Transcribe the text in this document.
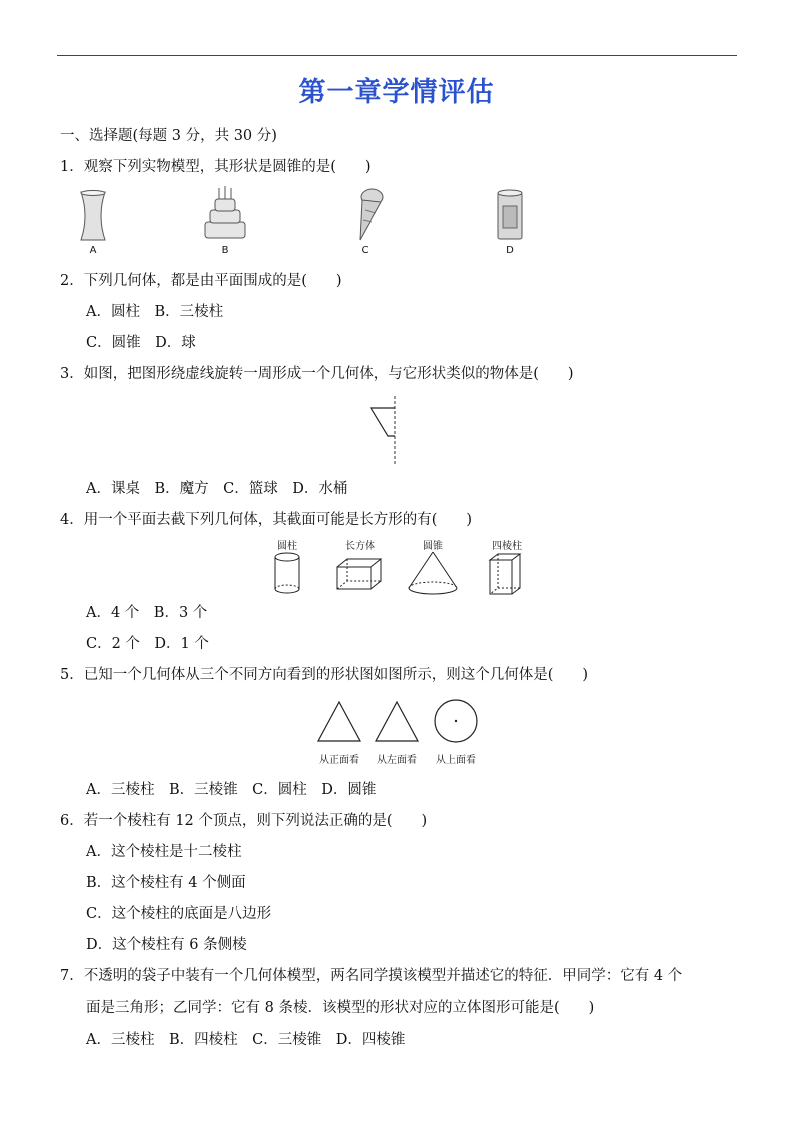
第一章学情评估
一、选择题(每题 3 分，共 30 分)
1．观察下列实物模型，其形状是圆锥的是(　　)
A	B	C	D
2．下列几何体，都是由平面围成的是(　　)
A．圆柱　B．三棱柱
C．圆锥　D．球
3．如图，把图形绕虚线旋转一周形成一个几何体，与它形状类似的物体是(　　)
A．课桌　B．魔方　C．篮球　D．水桶
4．用一个平面去截下列几何体，其截面可能是长方形的有(　　)
圆柱	长方体	圆锥	四棱柱
A．4 个　B．3 个
C．2 个　D．1 个
5．已知一个几何体从三个不同方向看到的形状图如图所示，则这个几何体是(　　)
从正面看	从左面看	从上面看
A．三棱柱　B．三棱锥　C．圆柱　D．圆锥
6．若一个棱柱有 12 个顶点，则下列说法正确的是(　　)
A．这个棱柱是十二棱柱
B．这个棱柱有 4 个侧面
C．这个棱柱的底面是八边形
D．这个棱柱有 6 条侧棱
7．不透明的袋子中装有一个几何体模型，两名同学摸该模型并描述它的特征．甲同学：它有 4 个
面是三角形；乙同学：它有 8 条棱．该模型的形状对应的立体图形可能是(　　)
A．三棱柱　B．四棱柱　C．三棱锥　D．四棱锥
